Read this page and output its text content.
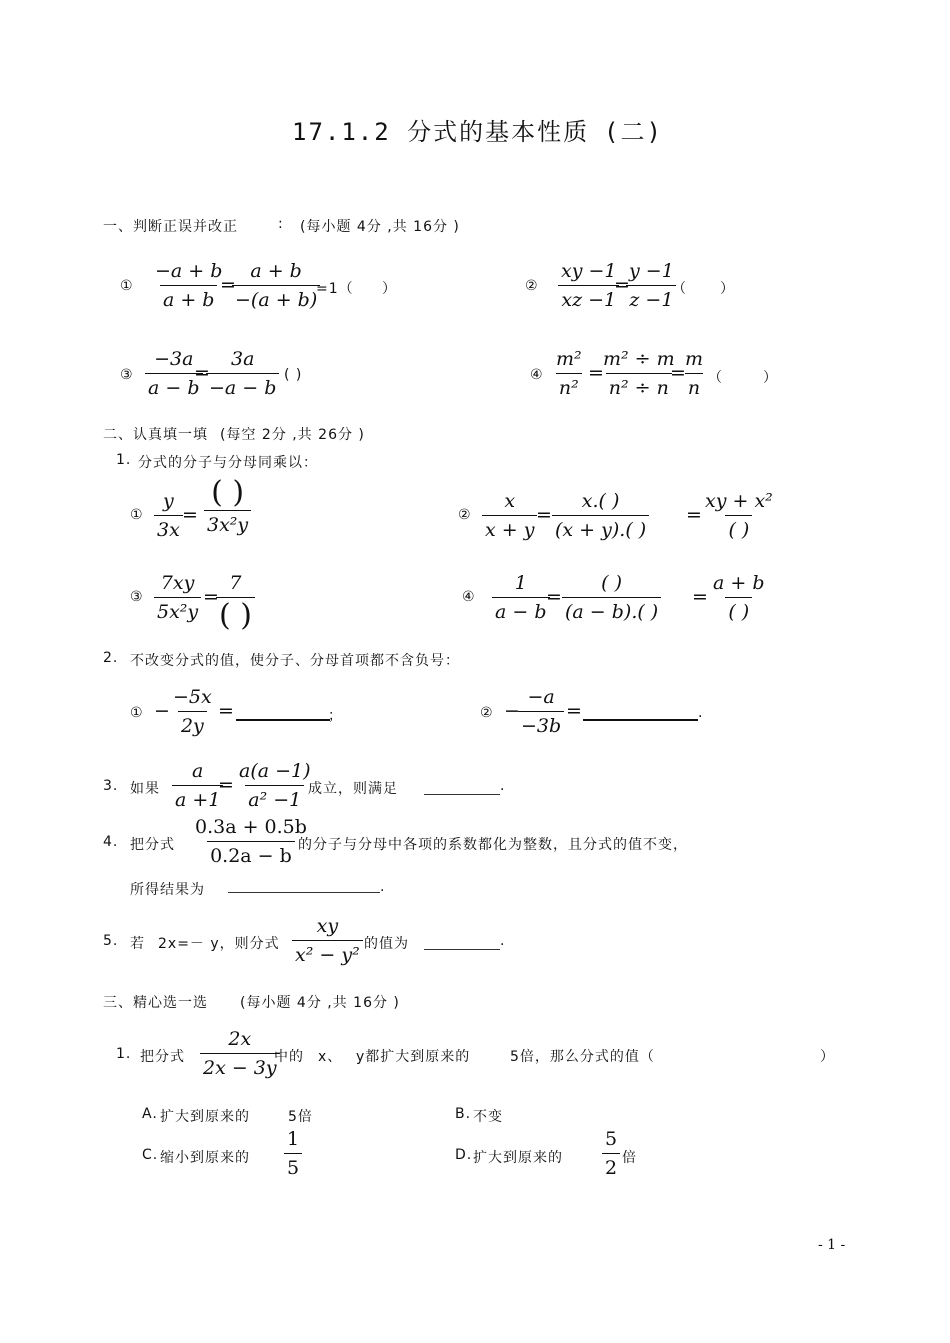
17.1.2 分式的基本性质 (二)
一、判断正误并改正	: (每小题 4分 ,共 16分 )
① $\frac{-a + b}{a + b}$
=
$\frac{a + b}{-(a + b)}$
=1（ ）	② $\frac{xy -1}{xz -1}$
=
$\frac{y -1}{z -1}$
（ ）
③ $\frac{-3a}{a - b}$
=
$\frac{3a}{-a - b}$ ( )	④ $\frac{\text{m²}}{\text{n²}}$ =
$\frac{\text{m² ÷ m}}{\text{n² ÷ n}}$
=
$\frac{m}{n}$ （	）
二、认真填一填 (每空 2分 ,共 26分 )
1. 分式的分子与分母同乘以：
① $\frac{y}{3x}$ =
( )
3x²y	② $\frac{x}{x + y}$
= $\frac{x.( )}{(x + y).( )}$ =
xy + x²
( )
③ $\frac{7xy}{\text{5x²y}}$ =
7
( )
④ $\frac{1}{a - b}$
=
( )
(a − b).( )
=
a + b
( )
2. 不改变分式的值，使分子、分母首项都不含负号：
① − $\frac{-5x}{2y}$ =	；	② −
$\frac{-a}{-3b}$ =	.
3. 如果 $\frac{a}{a +1}$
= $\frac{a(a -1)}{\text{a² −1}}$
成立，则满足	.
4. 把分式 $\frac{0.3a + 0.5b}{0.2a - b}$
的分子与分母中各项的系数都化为整数，且分式的值不变，
所得结果为	.
5. 若 2x=－ y，则分式 $\frac{xy}{\text{x² − y²}}$ 的值为	.
三、精心选一选 (每小题 4分 ,共 16分 )
1. 把分式 $\frac{2x}{2x - 3y}$
中的 x、 y都扩大到原来的	5倍，那么分式的值（	）
A. 扩大到原来的	5倍	B. 不变
C. 缩小到原来的 $\frac{1}{5}$	D. 扩大到原来的 $\frac{5}{2}$ 倍
- 1 -
